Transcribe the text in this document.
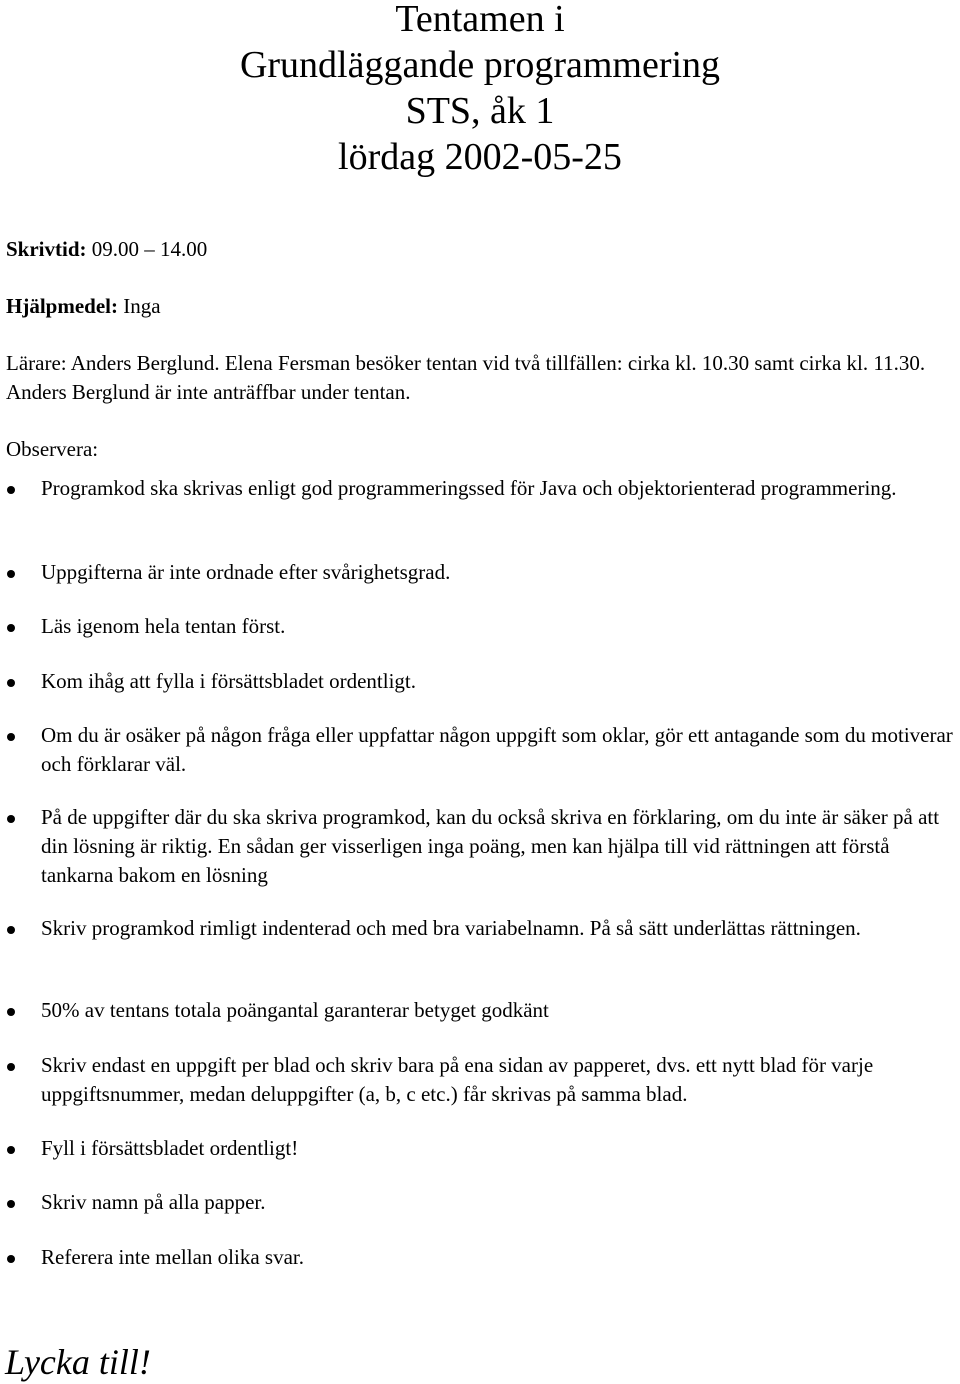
Tentamen i
Grundläggande programmering
STS, åk 1
lördag 2002-05-25
Skrivtid: 09.00 – 14.00
Hjälpmedel: Inga
Lärare: Anders Berglund. Elena Fersman besöker tentan vid två tillfällen: cirka kl. 10.30 samt cirka kl. 11.30. Anders Berglund är inte anträffbar under tentan.
Observera:
Programkod ska skrivas enligt god programmeringssed för Java och objektorienterad programmering.
Uppgifterna är inte ordnade efter svårighetsgrad.
Läs igenom hela tentan först.
Kom ihåg att fylla i försättsbladet ordentligt.
Om du är osäker på någon fråga eller uppfattar någon uppgift som oklar, gör ett antagande som du motiverar och förklarar väl.
På de uppgifter där du ska skriva programkod, kan du också skriva en förklaring, om du inte är säker på att din lösning är riktig. En sådan ger visserligen inga poäng, men kan hjälpa till vid rättningen att förstå tankarna bakom en lösning
Skriv programkod rimligt indenterad och med bra variabelnamn. På så sätt underlättas rättningen.
50% av tentans totala poängantal garanterar betyget godkänt
Skriv endast en uppgift per blad och skriv bara på ena sidan av papperet, dvs. ett nytt blad för varje uppgiftsnummer, medan deluppgifter (a, b, c etc.) får skrivas på samma blad.
Fyll i försättsbladet ordentligt!
Skriv namn på alla papper.
Referera inte mellan olika svar.
Lycka till!
